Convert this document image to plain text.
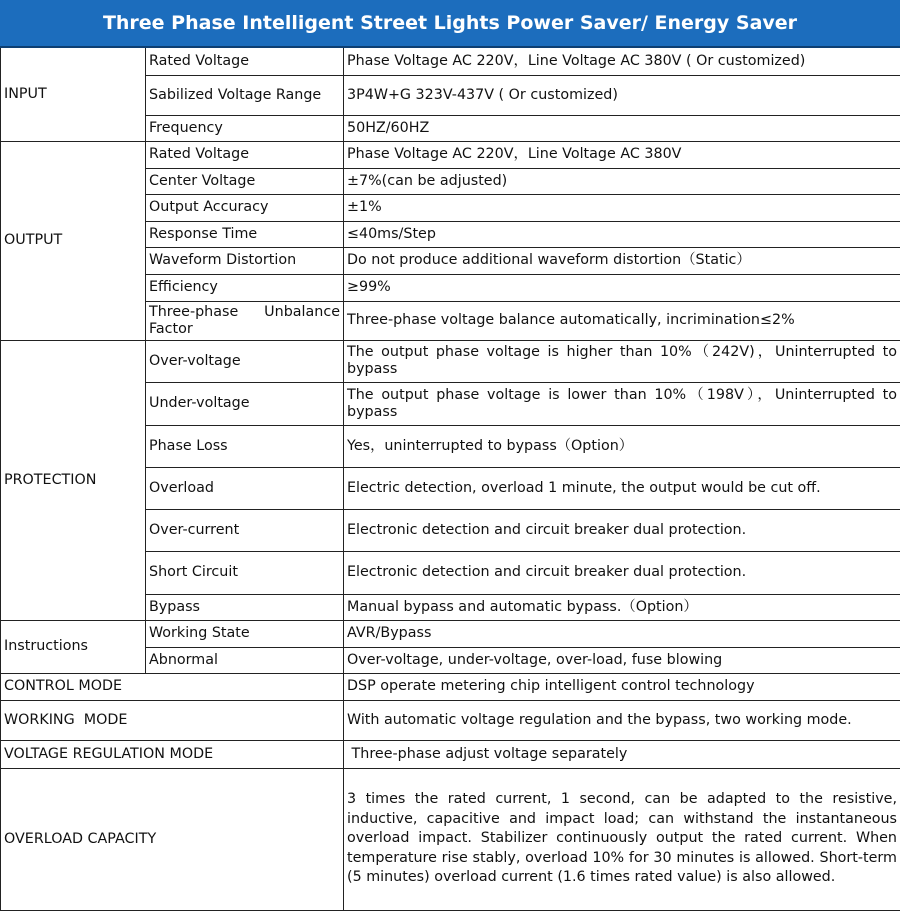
Three Phase Intelligent Street Lights Power Saver/ Energy Saver
INPUT	Rated Voltage	Phase Voltage AC 220V，Line Voltage AC 380V ( Or customized)
	Sabilized Voltage Range	3P4W+G 323V-437V ( Or customized)
	Frequency	50HZ/60HZ
OUTPUT	Rated Voltage	Phase Voltage AC 220V，Line Voltage AC 380V
	Center Voltage	±7%(can be adjusted)
	Output Accuracy	±1%
	Response Time	≤40ms/Step
	Waveform Distortion	Do not produce additional waveform distortion（Static）
	Efficiency	≥99%
	Three-phase Unbalance Factor	Three-phase voltage balance automatically, incrimination≤2%
PROTECTION	Over-voltage	The output phase voltage is higher than 10%（242V)，Uninterrupted to bypass
	Under-voltage	The output phase voltage is lower than 10%（198V），Uninterrupted to bypass
	Phase Loss	Yes，uninterrupted to bypass（Option）
	Overload	Electric detection, overload 1 minute, the output would be cut off.
	Over-current	Electronic detection and circuit breaker dual protection.
	Short Circuit	Electronic detection and circuit breaker dual protection.
	Bypass	Manual bypass and automatic bypass.（Option）
Instructions	Working State	AVR/Bypass
	Abnormal	Over-voltage, under-voltage, over-load, fuse blowing
CONTROL MODE		DSP operate metering chip intelligent control technology
WORKING  MODE		With automatic voltage regulation and the bypass, two working mode.
VOLTAGE REGULATION MODE		Three-phase adjust voltage separately
OVERLOAD CAPACITY		3 times the rated current, 1 second, can be adapted to the resistive, inductive, capacitive and impact load; can withstand the instantaneous overload impact. Stabilizer continuously output the rated current. When temperature rise stably, overload 10% for 30 minutes is allowed. Short-term (5 minutes) overload current (1.6 times rated value) is also allowed.
